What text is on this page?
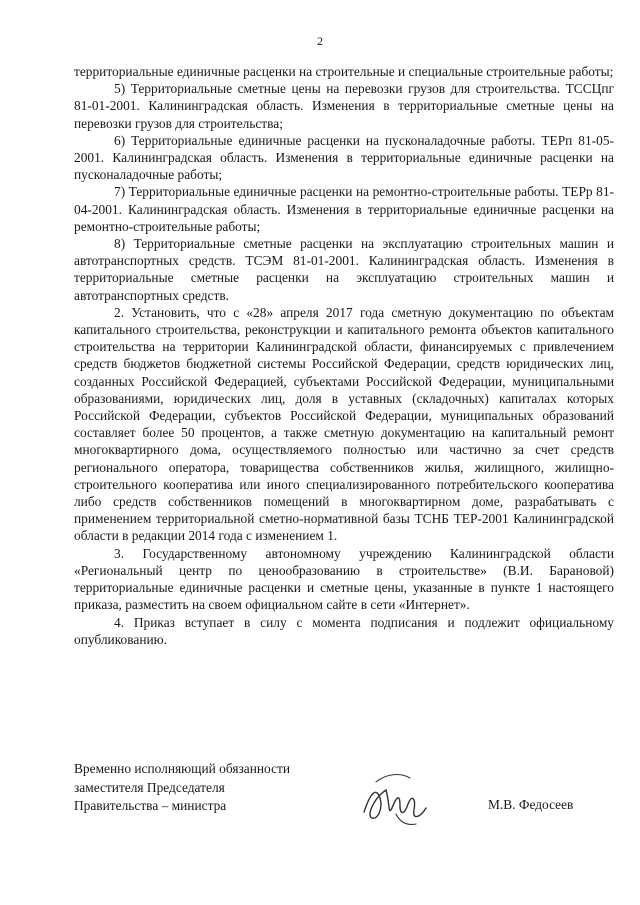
2

территориальные единичные расценки на строительные и специальные строительные работы;

5) Территориальные сметные цены на перевозки грузов для строительства. ТССЦпг 81-01-2001. Калининградская область. Изменения в территориальные сметные цены на перевозки грузов для строительства;

6) Территориальные единичные расценки на пусконаладочные работы. ТЕРп 81-05-2001. Калининградская область. Изменения в территориальные единичные расценки на пусконаладочные работы;

7) Территориальные единичные расценки на ремонтно-строительные работы. ТЕРр 81-04-2001. Калининградская область. Изменения в территориальные единичные расценки на ремонтно-строительные работы;

8) Территориальные сметные расценки на эксплуатацию строительных машин и автотранспортных средств. ТСЭМ 81-01-2001. Калининградская область. Изменения в территориальные сметные расценки на эксплуатацию строительных машин и автотранспортных средств.

2. Установить, что с «28» апреля 2017 года сметную документацию по объектам капитального строительства, реконструкции и капитального ремонта объектов капитального строительства на территории Калининградской области, финансируемых с привлечением средств бюджетов бюджетной системы Российской Федерации, средств юридических лиц, созданных Российской Федерацией, субъектами Российской Федерации, муниципальными образованиями, юридических лиц, доля в уставных (складочных) капиталах которых Российской Федерации, субъектов Российской Федерации, муниципальных образований составляет более 50 процентов, а также сметную документацию на капитальный ремонт многоквартирного дома, осуществляемого полностью или частично за счет средств регионального оператора, товарищества собственников жилья, жилищного, жилищно-строительного кооператива или иного специализированного потребительского кооператива либо средств собственников помещений в многоквартирном доме, разрабатывать с применением территориальной сметно-нормативной базы ТСНБ ТЕР-2001 Калининградской области в редакции 2014 года с изменением 1.

3. Государственному автономному учреждению Калининградской области «Региональный центр по ценообразованию в строительстве» (В.И. Барановой) территориальные единичные расценки и сметные цены, указанные в пункте 1 настоящего приказа, разместить на своем официальном сайте в сети «Интернет».

4. Приказ вступает в силу с момента подписания и подлежит официальному опубликованию.

Временно исполняющий обязанности
заместителя Председателя
Правительства – министра	М.В. Федосеев
